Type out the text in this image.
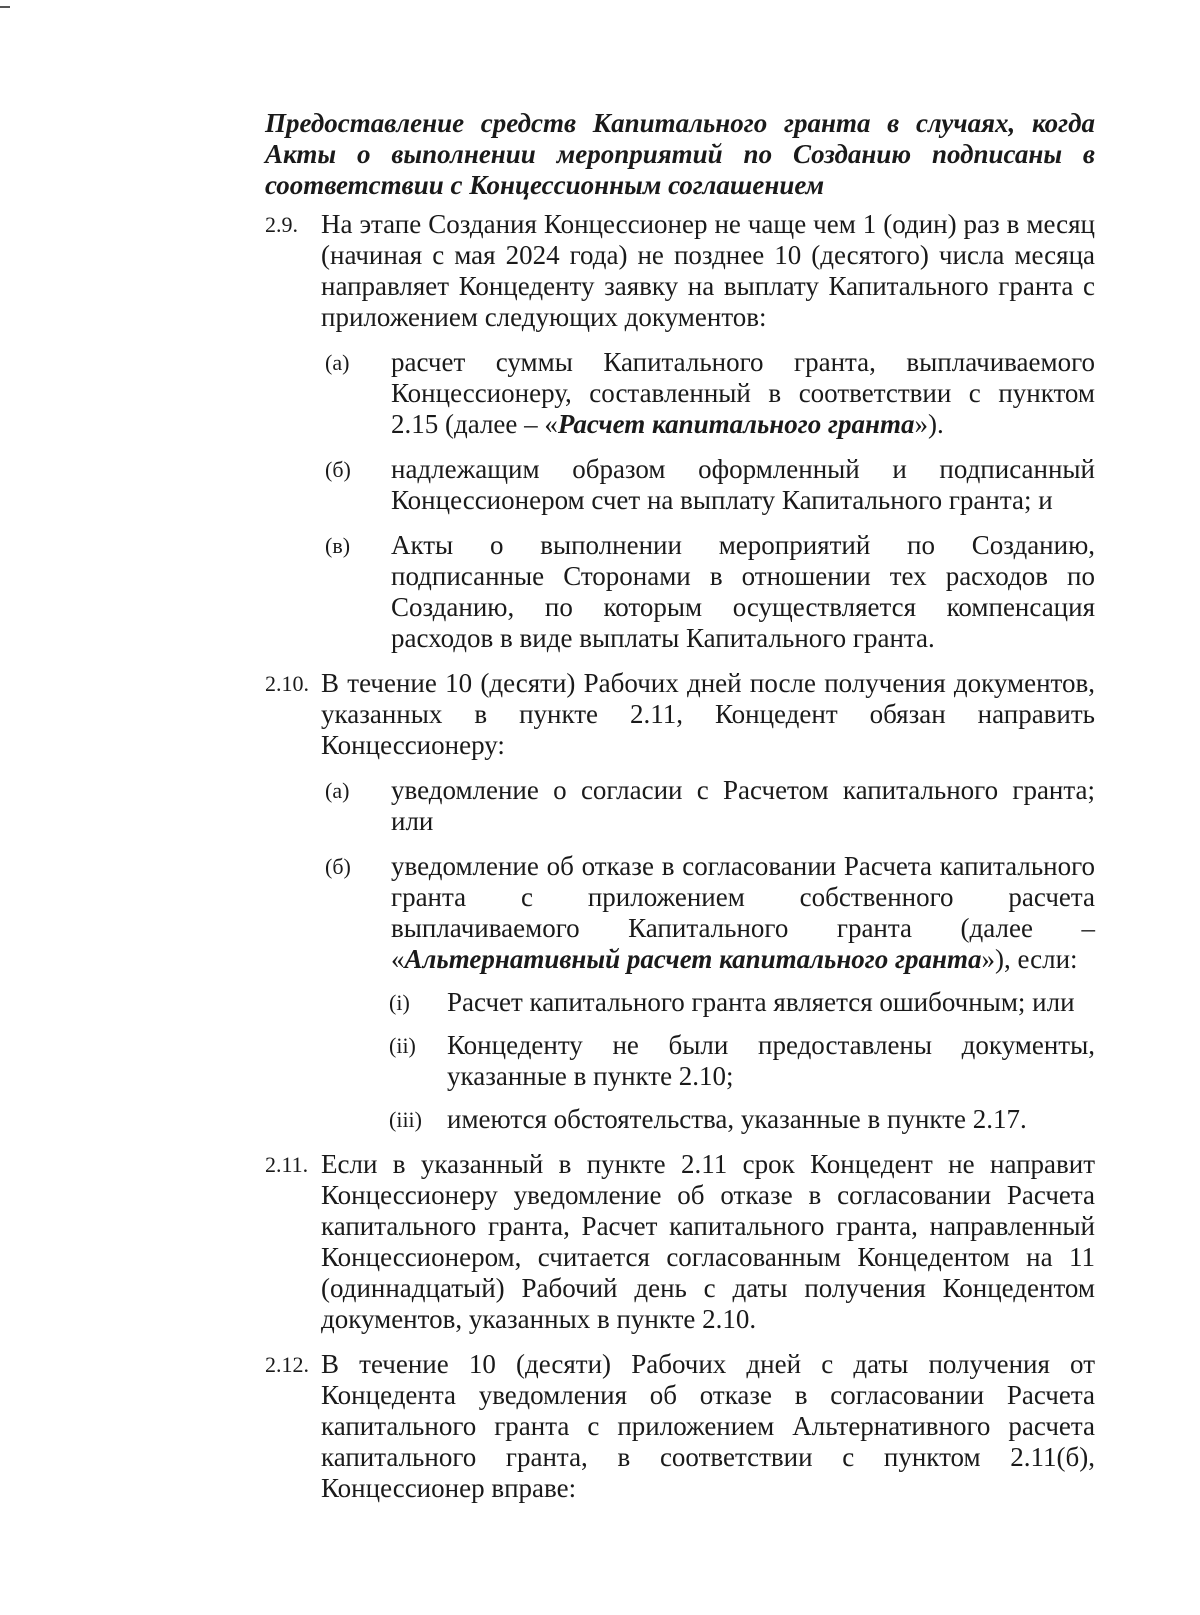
Предоставление средств Капитального гранта в случаях, когда Акты о выполнении мероприятий по Созданию подписаны в соответствии с Концессионным соглашением
2.9. На этапе Создания Концессионер не чаще чем 1 (один) раз в месяц (начиная с мая 2024 года) не позднее 10 (десятого) числа месяца направляет Концеденту заявку на выплату Капитального гранта с приложением следующих документов:
(а) расчет суммы Капитального гранта, выплачиваемого Концессионеру, составленный в соответствии с пунктом 2.15 (далее – «Расчет капитального гранта»).
(б) надлежащим образом оформленный и подписанный Концессионером счет на выплату Капитального гранта; и
(в) Акты о выполнении мероприятий по Созданию, подписанные Сторонами в отношении тех расходов по Созданию, по которым осуществляется компенсация расходов в виде выплаты Капитального гранта.
2.10. В течение 10 (десяти) Рабочих дней после получения документов, указанных в пункте 2.11, Концедент обязан направить Концессионеру:
(а) уведомление о согласии с Расчетом капитального гранта; или
(б) уведомление об отказе в согласовании Расчета капитального гранта с приложением собственного расчета выплачиваемого Капитального гранта (далее – «Альтернативный расчет капитального гранта»), если:
(i) Расчет капитального гранта является ошибочным; или
(ii) Концеденту не были предоставлены документы, указанные в пункте 2.10;
(iii) имеются обстоятельства, указанные в пункте 2.17.
2.11. Если в указанный в пункте 2.11 срок Концедент не направит Концессионеру уведомление об отказе в согласовании Расчета капитального гранта, Расчет капитального гранта, направленный Концессионером, считается согласованным Концедентом на 11 (одиннадцатый) Рабочий день с даты получения Концедентом документов, указанных в пункте 2.10.
2.12. В течение 10 (десяти) Рабочих дней с даты получения от Концедента уведомления об отказе в согласовании Расчета капитального гранта с приложением Альтернативного расчета капитального гранта, в соответствии с пунктом 2.11(б), Концессионер вправе:
